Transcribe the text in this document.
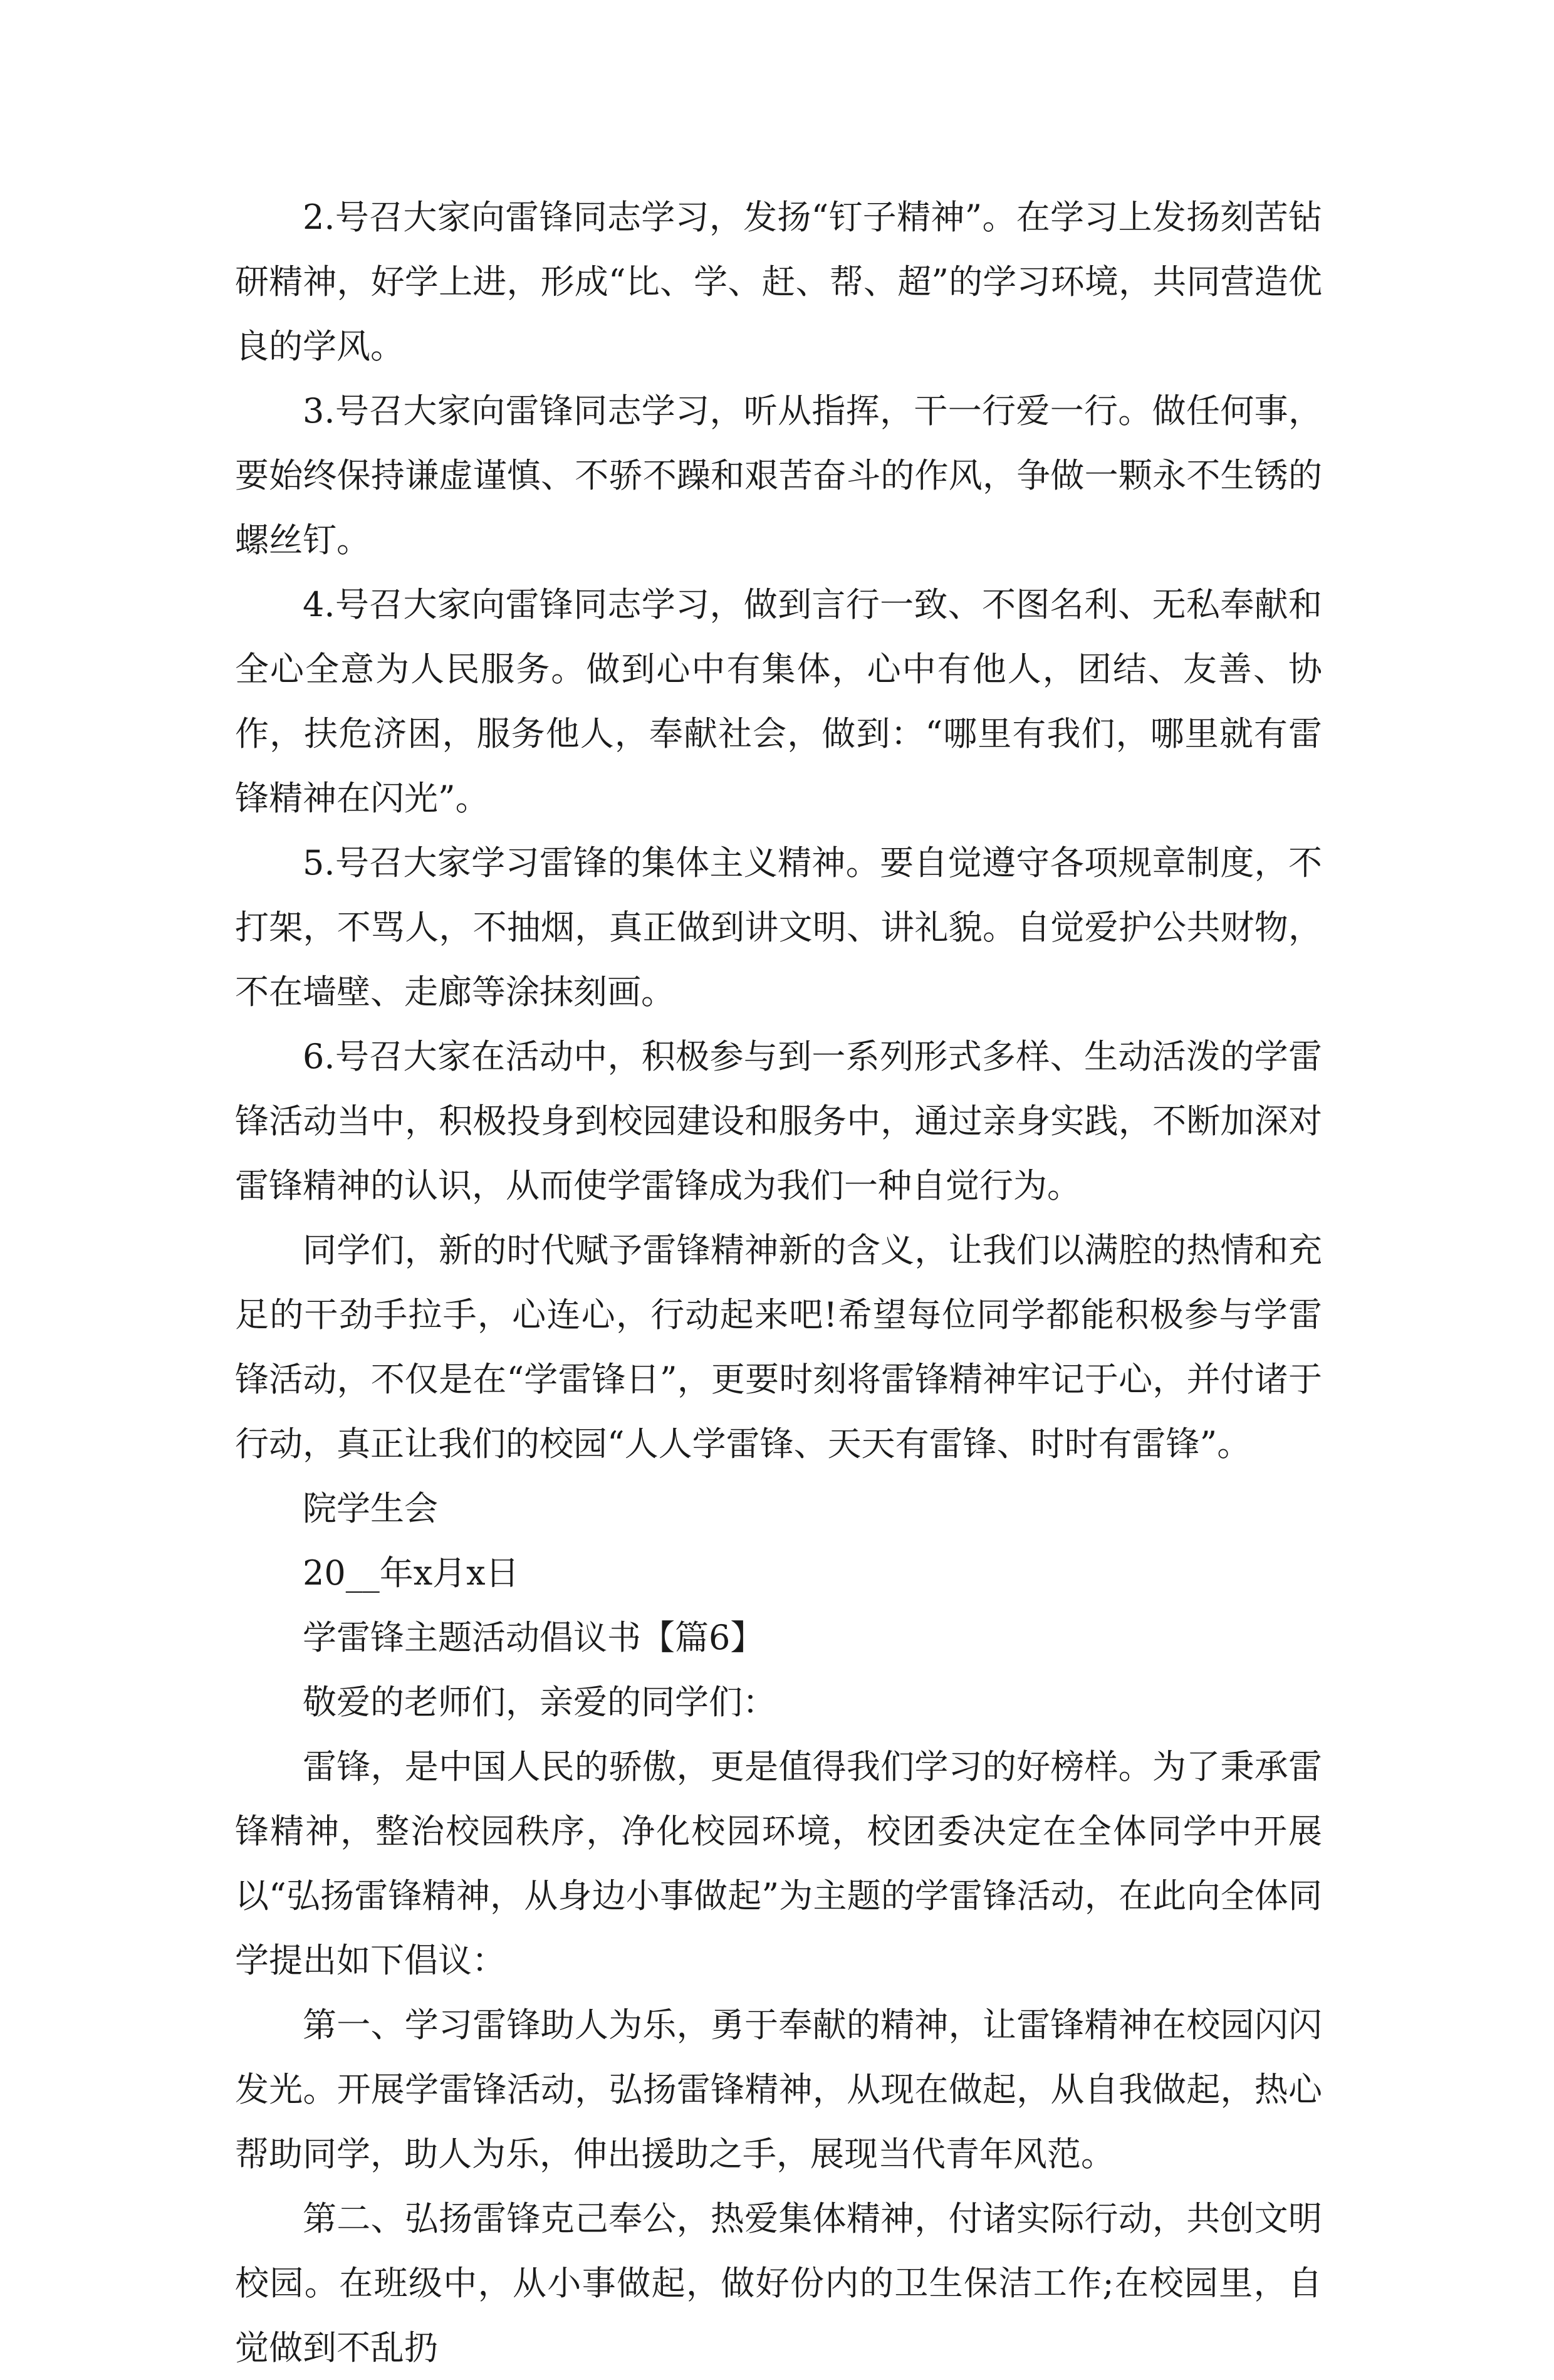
2.号召大家向雷锋同志学习，发扬“钉子精神”。在学习上发扬刻苦钻研精神，好学上进，形成“比、学、赶、帮、超”的学习环境，共同营造优良的学风。

3.号召大家向雷锋同志学习，听从指挥，干一行爱一行。做任何事，要始终保持谦虚谨慎、不骄不躁和艰苦奋斗的作风，争做一颗永不生锈的螺丝钉。

4.号召大家向雷锋同志学习，做到言行一致、不图名利、无私奉献和全心全意为人民服务。做到心中有集体，心中有他人，团结、友善、协作，扶危济困，服务他人，奉献社会，做到：“哪里有我们，哪里就有雷锋精神在闪光”。

5.号召大家学习雷锋的集体主义精神。要自觉遵守各项规章制度，不打架，不骂人，不抽烟，真正做到讲文明、讲礼貌。自觉爱护公共财物，不在墙壁、走廊等涂抹刻画。

6.号召大家在活动中，积极参与到一系列形式多样、生动活泼的学雷锋活动当中，积极投身到校园建设和服务中，通过亲身实践，不断加深对雷锋精神的认识，从而使学雷锋成为我们一种自觉行为。

同学们，新的时代赋予雷锋精神新的含义，让我们以满腔的热情和充足的干劲手拉手，心连心，行动起来吧!希望每位同学都能积极参与学雷锋活动，不仅是在“学雷锋日”，更要时刻将雷锋精神牢记于心，并付诸于行动，真正让我们的校园“人人学雷锋、天天有雷锋、时时有雷锋”。

院学生会

20__年x月x日

学雷锋主题活动倡议书【篇6】

敬爱的老师们，亲爱的同学们：

雷锋，是中国人民的骄傲，更是值得我们学习的好榜样。为了秉承雷锋精神，整治校园秩序，净化校园环境，校团委决定在全体同学中开展以“弘扬雷锋精神，从身边小事做起”为主题的学雷锋活动，在此向全体同学提出如下倡议：

第一、学习雷锋助人为乐，勇于奉献的精神，让雷锋精神在校园闪闪发光。开展学雷锋活动，弘扬雷锋精神，从现在做起，从自我做起，热心帮助同学，助人为乐，伸出援助之手，展现当代青年风范。

第二、弘扬雷锋克己奉公，热爱集体精神，付诸实际行动，共创文明校园。在班级中，从小事做起，做好份内的卫生保洁工作;在校园里，自觉做到不乱扔
